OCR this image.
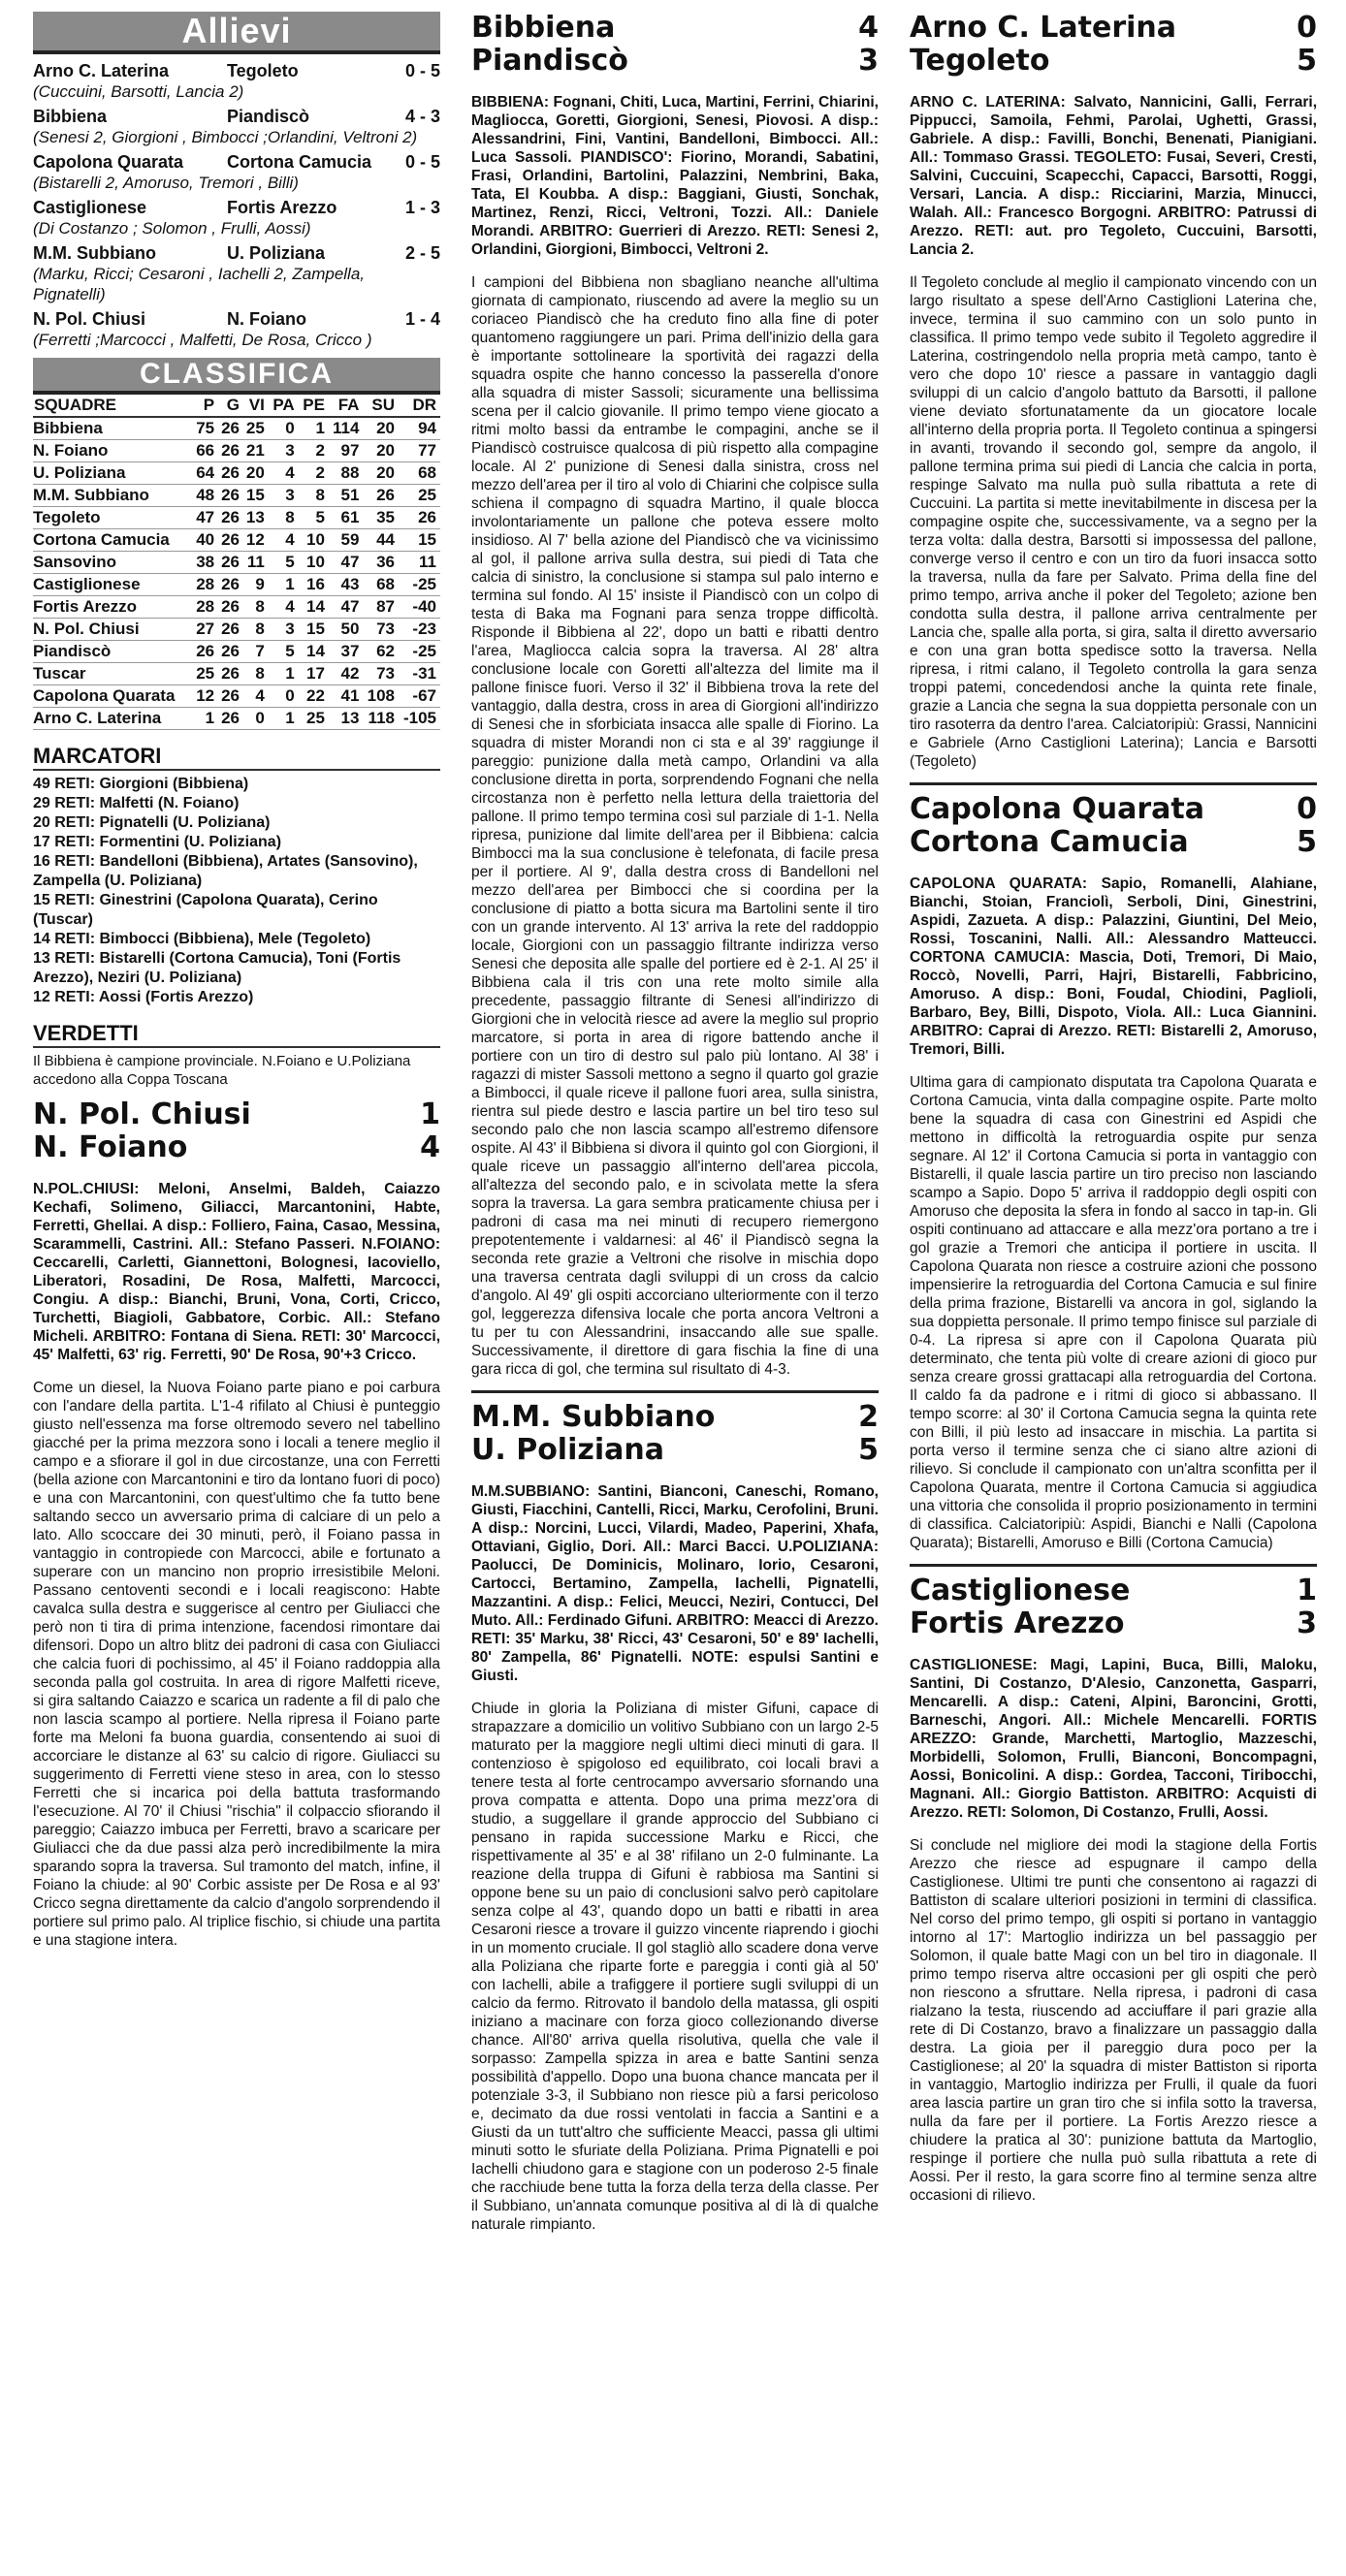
Allievi
Arno C. Laterina	Tegoleto	0 - 5
(Cuccuini, Barsotti, Lancia 2)
Bibbiena	Piandiscò	4 - 3
(Senesi 2, Giorgioni , Bimbocci ;Orlandini, Veltroni 2)
Capolona Quarata	Cortona Camucia	0 - 5
(Bistarelli 2, Amoruso, Tremori , Billi)
Castiglionese	Fortis Arezzo	1 - 3
(Di Costanzo ; Solomon , Frulli, Aossi)
M.M. Subbiano	U. Poliziana	2 - 5
(Marku, Ricci; Cesaroni , Iachelli 2, Zampella, Pignatelli)
N. Pol. Chiusi	N. Foiano	1 - 4
(Ferretti ;Marcocci , Malfetti, De Rosa, Cricco )
CLASSIFICA
SQUADRE	P	G	VI	PA	PE	FA	SU	DR
Bibbiena	75	26	25	0	1	114	20	94
N. Foiano	66	26	21	3	2	97	20	77
U. Poliziana	64	26	20	4	2	88	20	68
M.M. Subbiano	48	26	15	3	8	51	26	25
Tegoleto	47	26	13	8	5	61	35	26
Cortona Camucia	40	26	12	4	10	59	44	15
Sansovino	38	26	11	5	10	47	36	11
Castiglionese	28	26	9	1	16	43	68	-25
Fortis Arezzo	28	26	8	4	14	47	87	-40
N. Pol. Chiusi	27	26	8	3	15	50	73	-23
Piandiscò	26	26	7	5	14	37	62	-25
Tuscar	25	26	8	1	17	42	73	-31
Capolona Quarata	12	26	4	0	22	41	108	-67
Arno C. Laterina	1	26	0	1	25	13	118	-105
MARCATORI
49 RETI: Giorgioni (Bibbiena)
29 RETI: Malfetti (N. Foiano)
20 RETI: Pignatelli (U. Poliziana)
17 RETI: Formentini (U. Poliziana)
16 RETI: Bandelloni (Bibbiena), Artates (Sansovino), Zampella (U. Poliziana)
15 RETI: Ginestrini (Capolona Quarata), Cerino (Tuscar)
14 RETI: Bimbocci (Bibbiena), Mele (Tegoleto)
13 RETI: Bistarelli (Cortona Camucia), Toni (Fortis Arezzo), Neziri (U. Poliziana)
12 RETI: Aossi (Fortis Arezzo)
VERDETTI
Il Bibbiena è campione provinciale. N.Foiano e U.Poliziana accedono alla Coppa Toscana
N. Pol. Chiusi	1
N. Foiano	4

N.POL.CHIUSI: Meloni, Anselmi, Baldeh, Caiazzo Kechafi, Solimeno, Giliacci, Marcantonini, Habte, Ferretti, Ghellai. A disp.: Folliero, Faina, Casao, Messina, Scarammelli, Castrini. All.: Stefano Passeri. N.FOIANO: Ceccarelli, Carletti, Giannettoni, Bolognesi, Iacoviello, Liberatori, Rosadini, De Rosa, Malfetti, Marcocci, Congiu. A disp.: Bianchi, Bruni, Vona, Corti, Cricco, Turchetti, Biagioli, Gabbatore, Corbic. All.: Stefano Micheli. ARBITRO: Fontana di Siena. RETI: 30' Marcocci, 45' Malfetti, 63' rig. Ferretti, 90' De Rosa, 90'+3 Cricco.

Come un diesel, la Nuova Foiano parte piano e poi carbura con l'andare della partita. L'1-4 rifilato al Chiusi è punteggio giusto nell'essenza ma forse oltremodo severo nel tabellino giacché per la prima mezzora sono i locali a tenere meglio il campo e a sfiorare il gol in due circostanze, una con Ferretti (bella azione con Marcantonini e tiro da lontano fuori di poco) e una con Marcantonini, con quest'ultimo che fa tutto bene saltando secco un avversario prima di calciare di un pelo a lato. Allo scoccare dei 30 minuti, però, il Foiano passa in vantaggio in contropiede con Marcocci, abile e fortunato a superare con un mancino non proprio irresistibile Meloni. Passano centoventi secondi e i locali reagiscono: Habte cavalca sulla destra e suggerisce al centro per Giuliacci che però non ti tira di prima intenzione, facendosi rimontare dai difensori. Dopo un altro blitz dei padroni di casa con Giuliacci che calcia fuori di pochissimo, al 45' il Foiano raddoppia alla seconda palla gol costruita. In area di rigore Malfetti riceve, si gira saltando Caiazzo e scarica un radente a fil di palo che non lascia scampo al portiere. Nella ripresa il Foiano parte forte ma Meloni fa buona guardia, consentendo ai suoi di accorciare le distanze al 63' su calcio di rigore. Giuliacci su suggerimento di Ferretti viene steso in area, con lo stesso Ferretti che si incarica poi della battuta trasformando l'esecuzione. Al 70' il Chiusi "rischia" il colpaccio sfiorando il pareggio; Caiazzo imbuca per Ferretti, bravo a scaricare per Giuliacci che da due passi alza però incredibilmente la mira sparando sopra la traversa. Sul tramonto del match, infine, il Foiano la chiude: al 90' Corbic assiste per De Rosa e al 93' Cricco segna direttamente da calcio d'angolo sorprendendo il portiere sul primo palo. Al triplice fischio, si chiude una partita e una stagione intera.

Bibbiena	4
Piandiscò	3

BIBBIENA: Fognani, Chiti, Luca, Martini, Ferrini, Chiarini, Magliocca, Goretti, Giorgioni, Senesi, Piovosi. A disp.: Alessandrini, Fini, Vantini, Bandelloni, Bimbocci. All.: Luca Sassoli. PIANDISCO': Fiorino, Morandi, Sabatini, Frasi, Orlandini, Bartolini, Palazzini, Nembrini, Baka, Tata, El Koubba. A disp.: Baggiani, Giusti, Sonchak, Martinez, Renzi, Ricci, Veltroni, Tozzi. All.: Daniele Morandi. ARBITRO: Guerrieri di Arezzo. RETI: Senesi 2, Orlandini, Giorgioni, Bimbocci, Veltroni 2.

I campioni del Bibbiena non sbagliano neanche all'ultima giornata di campionato, riuscendo ad avere la meglio su un coriaceo Piandiscò che ha creduto fino alla fine di poter quantomeno raggiungere un pari. Prima dell'inizio della gara è importante sottolineare la sportività dei ragazzi della squadra ospite che hanno concesso la passerella d'onore alla squadra di mister Sassoli; sicuramente una bellissima scena per il calcio giovanile. Il primo tempo viene giocato a ritmi molto bassi da entrambe le compagini, anche se il Piandiscò costruisce qualcosa di più rispetto alla compagine locale. Al 2' punizione di Senesi dalla sinistra, cross nel mezzo dell'area per il tiro al volo di Chiarini che colpisce sulla schiena il compagno di squadra Martino, il quale blocca involontariamente un pallone che poteva essere molto insidioso. Al 7' bella azione del Piandiscò che va vicinissimo al gol, il pallone arriva sulla destra, sui piedi di Tata che calcia di sinistro, la conclusione si stampa sul palo interno e termina sul fondo. Al 15' insiste il Piandiscò con un colpo di testa di Baka ma Fognani para senza troppe difficoltà. Risponde il Bibbiena al 22', dopo un batti e ribatti dentro l'area, Magliocca calcia sopra la traversa. Al 28' altra conclusione locale con Goretti all'altezza del limite ma il pallone finisce fuori. Verso il 32' il Bibbiena trova la rete del vantaggio, dalla destra, cross in area di Giorgioni all'indirizzo di Senesi che in sforbiciata insacca alle spalle di Fiorino. La squadra di mister Morandi non ci sta e al 39' raggiunge il pareggio: punizione dalla metà campo, Orlandini va alla conclusione diretta in porta, sorprendendo Fognani che nella circostanza non è perfetto nella lettura della traiettoria del pallone. Il primo tempo termina così sul parziale di 1-1. Nella ripresa, punizione dal limite dell'area per il Bibbiena: calcia Bimbocci ma la sua conclusione è telefonata, di facile presa per il portiere. Al 9', dalla destra cross di Bandelloni nel mezzo dell'area per Bimbocci che si coordina per la conclusione di piatto a botta sicura ma Bartolini sente il tiro con un grande intervento. Al 13' arriva la rete del raddoppio locale, Giorgioni con un passaggio filtrante indirizza verso Senesi che deposita alle spalle del portiere ed è 2-1. Al 25' il Bibbiena cala il tris con una rete molto simile alla precedente, passaggio filtrante di Senesi all'indirizzo di Giorgioni che in velocità riesce ad avere la meglio sul proprio marcatore, si porta in area di rigore battendo anche il portiere con un tiro di destro sul palo più lontano. Al 38' i ragazzi di mister Sassoli mettono a segno il quarto gol grazie a Bimbocci, il quale riceve il pallone fuori area, sulla sinistra, rientra sul piede destro e lascia partire un bel tiro teso sul secondo palo che non lascia scampo all'estremo difensore ospite. Al 43' il Bibbiena si divora il quinto gol con Giorgioni, il quale riceve un passaggio all'interno dell'area piccola, all'altezza del secondo palo, e in scivolata mette la sfera sopra la traversa. La gara sembra praticamente chiusa per i padroni di casa ma nei minuti di recupero riemergono prepotentemente i valdarnesi: al 46' il Piandiscò segna la seconda rete grazie a Veltroni che risolve in mischia dopo una traversa centrata dagli sviluppi di un cross da calcio d'angolo. Al 49' gli ospiti accorciano ulteriormente con il terzo gol, leggerezza difensiva locale che porta ancora Veltroni a tu per tu con Alessandrini, insaccando alle sue spalle. Successivamente, il direttore di gara fischia la fine di una gara ricca di gol, che termina sul risultato di 4-3.

M.M. Subbiano	2
U. Poliziana	5

M.M.SUBBIANO: Santini, Bianconi, Caneschi, Romano, Giusti, Fiacchini, Cantelli, Ricci, Marku, Cerofolini, Bruni. A disp.: Norcini, Lucci, Vilardi, Madeo, Paperini, Xhafa, Ottaviani, Giglio, Dori. All.: Marci Bacci. U.POLIZIANA: Paolucci, De Dominicis, Molinaro, Iorio, Cesaroni, Cartocci, Bertamino, Zampella, Iachelli, Pignatelli, Mazzantini. A disp.: Felici, Meucci, Neziri, Contucci, Del Muto. All.: Ferdinado Gifuni. ARBITRO: Meacci di Arezzo. RETI: 35' Marku, 38' Ricci, 43' Cesaroni, 50' e 89' Iachelli, 80' Zampella, 86' Pignatelli. NOTE: espulsi Santini e Giusti.

Chiude in gloria la Poliziana di mister Gifuni, capace di strapazzare a domicilio un volitivo Subbiano con un largo 2-5 maturato per la maggiore negli ultimi dieci minuti di gara. Il contenzioso è spigoloso ed equilibrato, coi locali bravi a tenere testa al forte centrocampo avversario sfornando una prova compatta e attenta. Dopo una prima mezz'ora di studio, a suggellare il grande approccio del Subbiano ci pensano in rapida successione Marku e Ricci, che rispettivamente al 35' e al 38' rifilano un 2-0 fulminante. La reazione della truppa di Gifuni è rabbiosa ma Santini si oppone bene su un paio di conclusioni salvo però capitolare senza colpe al 43', quando dopo un batti e ribatti in area Cesaroni riesce a trovare il guizzo vincente riaprendo i giochi in un momento cruciale. Il gol stagliò allo scadere dona verve alla Poliziana che riparte forte e pareggia i conti già al 50' con Iachelli, abile a trafiggere il portiere sugli sviluppi di un calcio da fermo. Ritrovato il bandolo della matassa, gli ospiti iniziano a macinare con forza gioco collezionando diverse chance. All'80' arriva quella risolutiva, quella che vale il sorpasso: Zampella spizza in area e batte Santini senza possibilità d'appello. Dopo una buona chance mancata per il potenziale 3-3, il Subbiano non riesce più a farsi pericoloso e, decimato da due rossi ventolati in faccia a Santini e a Giusti da un tutt'altro che sufficiente Meacci, passa gli ultimi minuti sotto le sfuriate della Poliziana. Prima Pignatelli e poi Iachelli chiudono gara e stagione con un poderoso 2-5 finale che racchiude bene tutta la forza della terza della classe. Per il Subbiano, un'annata comunque positiva al di là di qualche naturale rimpianto.

Arno C. Laterina	0
Tegoleto	5

ARNO C. LATERINA: Salvato, Nannicini, Galli, Ferrari, Pippucci, Samoila, Fehmi, Parolai, Ughetti, Grassi, Gabriele. A disp.: Favilli, Bonchi, Benenati, Pianigiani. All.: Tommaso Grassi. TEGOLETO: Fusai, Severi, Cresti, Salvini, Cuccuini, Scapecchi, Capacci, Barsotti, Roggi, Versari, Lancia. A disp.: Ricciarini, Marzia, Minucci, Walah. All.: Francesco Borgogni. ARBITRO: Patrussi di Arezzo. RETI: aut. pro Tegoleto, Cuccuini, Barsotti, Lancia 2.

Il Tegoleto conclude al meglio il campionato vincendo con un largo risultato a spese dell'Arno Castiglioni Laterina che, invece, termina il suo cammino con un solo punto in classifica. Il primo tempo vede subito il Tegoleto aggredire il Laterina, costringendolo nella propria metà campo, tanto è vero che dopo 10' riesce a passare in vantaggio dagli sviluppi di un calcio d'angolo battuto da Barsotti, il pallone viene deviato sfortunatamente da un giocatore locale all'interno della propria porta. Il Tegoleto continua a spingersi in avanti, trovando il secondo gol, sempre da angolo, il pallone termina prima sui piedi di Lancia che calcia in porta, respinge Salvato ma nulla può sulla ribattuta a rete di Cuccuini. La partita si mette inevitabilmente in discesa per la compagine ospite che, successivamente, va a segno per la terza volta: dalla destra, Barsotti si impossessa del pallone, converge verso il centro e con un tiro da fuori insacca sotto la traversa, nulla da fare per Salvato. Prima della fine del primo tempo, arriva anche il poker del Tegoleto; azione ben condotta sulla destra, il pallone arriva centralmente per Lancia che, spalle alla porta, si gira, salta il diretto avversario e con una gran botta spedisce sotto la traversa. Nella ripresa, i ritmi calano, il Tegoleto controlla la gara senza troppi patemi, concedendosi anche la quinta rete finale, grazie a Lancia che segna la sua doppietta personale con un tiro rasoterra da dentro l'area. Calciatoripiù: Grassi, Nannicini e Gabriele (Arno Castiglioni Laterina); Lancia e Barsotti (Tegoleto)

Capolona Quarata	0
Cortona Camucia	5

CAPOLONA QUARATA: Sapio, Romanelli, Alahiane, Bianchi, Stoian, Franciolì, Serboli, Dini, Ginestrini, Aspidi, Zazueta. A disp.: Palazzini, Giuntini, Del Meio, Rossi, Toscanini, Nalli. All.: Alessandro Matteucci. CORTONA CAMUCIA: Mascia, Doti, Tremori, Di Maio, Roccò, Novelli, Parri, Hajri, Bistarelli, Fabbricino, Amoruso. A disp.: Boni, Foudal, Chiodini, Paglioli, Barbaro, Bey, Billi, Dispoto, Viola. All.: Luca Giannini. ARBITRO: Caprai di Arezzo. RETI: Bistarelli 2, Amoruso, Tremori, Billi.

Ultima gara di campionato disputata tra Capolona Quarata e Cortona Camucia, vinta dalla compagine ospite. Parte molto bene la squadra di casa con Ginestrini ed Aspidi che mettono in difficoltà la retroguardia ospite pur senza segnare. Al 12' il Cortona Camucia si porta in vantaggio con Bistarelli, il quale lascia partire un tiro preciso non lasciando scampo a Sapio. Dopo 5' arriva il raddoppio degli ospiti con Amoruso che deposita la sfera in fondo al sacco in tap-in. Gli ospiti continuano ad attaccare e alla mezz'ora portano a tre i gol grazie a Tremori che anticipa il portiere in uscita. Il Capolona Quarata non riesce a costruire azioni che possono impensierire la retroguardia del Cortona Camucia e sul finire della prima frazione, Bistarelli va ancora in gol, siglando la sua doppietta personale. Il primo tempo finisce sul parziale di 0-4. La ripresa si apre con il Capolona Quarata più determinato, che tenta più volte di creare azioni di gioco pur senza creare grossi grattacapi alla retroguardia del Cortona. Il caldo fa da padrone e i ritmi di gioco si abbassano. Il tempo scorre: al 30' il Cortona Camucia segna la quinta rete con Billi, il più lesto ad insaccare in mischia. La partita si porta verso il termine senza che ci siano altre azioni di rilievo. Si conclude il campionato con un'altra sconfitta per il Capolona Quarata, mentre il Cortona Camucia si aggiudica una vittoria che consolida il proprio posizionamento in termini di classifica. Calciatoripiù: Aspidi, Bianchi e Nalli (Capolona Quarata); Bistarelli, Amoruso e Billi (Cortona Camucia)

Castiglionese	1
Fortis Arezzo	3

CASTIGLIONESE: Magi, Lapini, Buca, Billi, Maloku, Santini, Di Costanzo, D'Alesio, Canzonetta, Gasparri, Mencarelli. A disp.: Cateni, Alpini, Baroncini, Grotti, Barneschi, Angori. All.: Michele Mencarelli. FORTIS AREZZO: Grande, Marchetti, Martoglio, Mazzeschi, Morbidelli, Solomon, Frulli, Bianconi, Boncompagni, Aossi, Bonicolini. A disp.: Gordea, Tacconi, Tiribocchi, Magnani. All.: Giorgio Battiston. ARBITRO: Acquisti di Arezzo. RETI: Solomon, Di Costanzo, Frulli, Aossi.

Si conclude nel migliore dei modi la stagione della Fortis Arezzo che riesce ad espugnare il campo della Castiglionese. Ultimi tre punti che consentono ai ragazzi di Battiston di scalare ulteriori posizioni in termini di classifica. Nel corso del primo tempo, gli ospiti si portano in vantaggio intorno al 17': Martoglio indirizza un bel passaggio per Solomon, il quale batte Magi con un bel tiro in diagonale. Il primo tempo riserva altre occasioni per gli ospiti che però non riescono a sfruttare. Nella ripresa, i padroni di casa rialzano la testa, riuscendo ad acciuffare il pari grazie alla rete di Di Costanzo, bravo a finalizzare un passaggio dalla destra. La gioia per il pareggio dura poco per la Castiglionese; al 20' la squadra di mister Battiston si riporta in vantaggio, Martoglio indirizza per Frulli, il quale da fuori area lascia partire un gran tiro che si infila sotto la traversa, nulla da fare per il portiere. La Fortis Arezzo riesce a chiudere la pratica al 30': punizione battuta da Martoglio, respinge il portiere che nulla può sulla ribattuta a rete di Aossi. Per il resto, la gara scorre fino al termine senza altre occasioni di rilievo.
